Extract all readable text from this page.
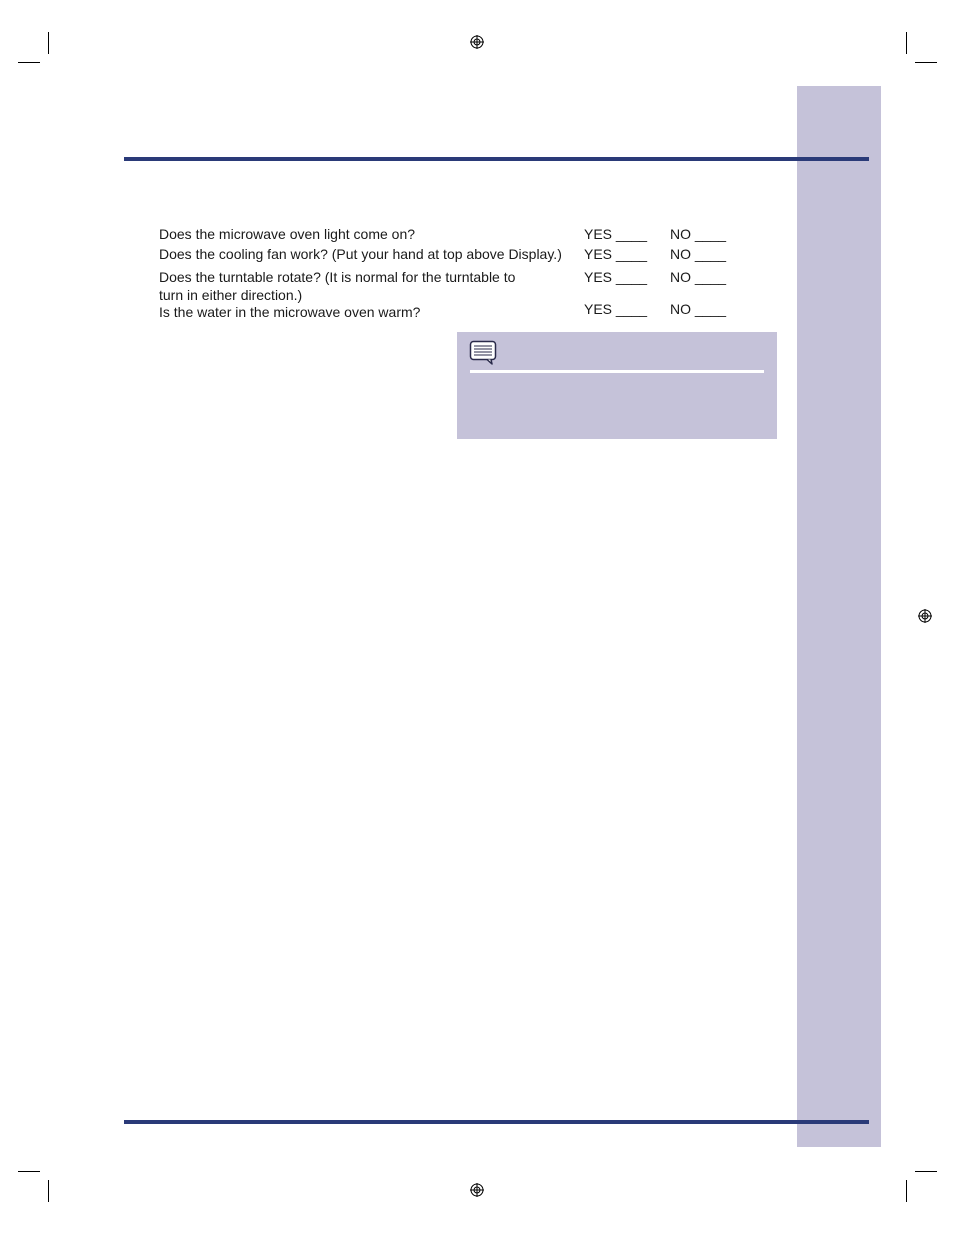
Does the microwave oven light come on?	YES ____ NO ____
Does the cooling fan work? (Put your hand at top above Display.) YES ____ NO ____
Does the turntable rotate? (It is normal for the turntable to
turn in either direction.)
YES ____ NO ____
Is the water in the microwave oven warm?	YES ____ NO ____
